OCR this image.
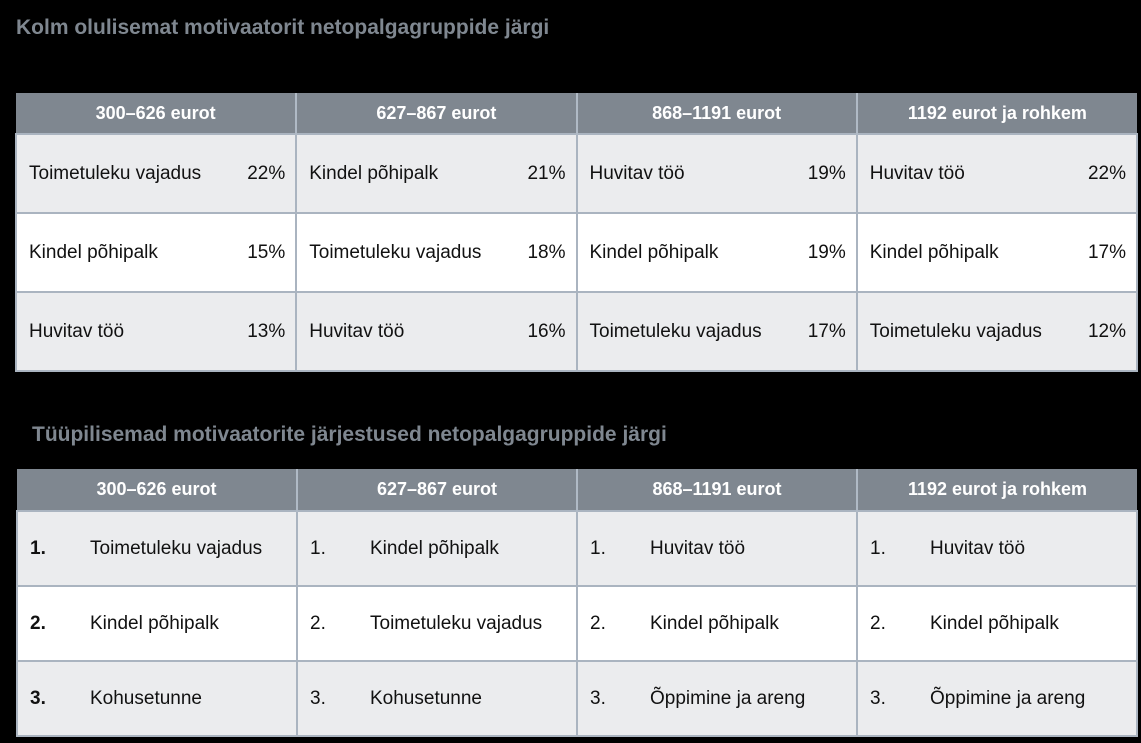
Kolm olulisemat motivaatorit netopalgagruppide järgi
300–626 eurot	627–867 eurot	868–1191 eurot	1192 eurot ja rohkem

Toimetuleku vajadus 22%	Kindel põhipalk 21%	Huvitav töö 19%	Huvitav töö 22%

Kindel põhipalk 15%	Toimetuleku vajadus 18%	Kindel põhipalk 19%	Kindel põhipalk 17%

Huvitav töö 13%	Huvitav töö 16%	Toimetuleku vajadus 17%	Toimetuleku vajadus 12%
Tüüpilisemad motivaatorite järjestused netopalgagruppide järgi
300–626 eurot	627–867 eurot	868–1191 eurot	1192 eurot ja rohkem
1. Toimetuleku vajadus	1. Kindel põhipalk	1. Huvitav töö	1. Huvitav töö
2. Kindel põhipalk	2. Toimetuleku vajadus	2. Kindel põhipalk	2. Kindel põhipalk
3. Kohusetunne	3. Kohusetunne	3. Õppimine ja areng	3. Õppimine ja areng
